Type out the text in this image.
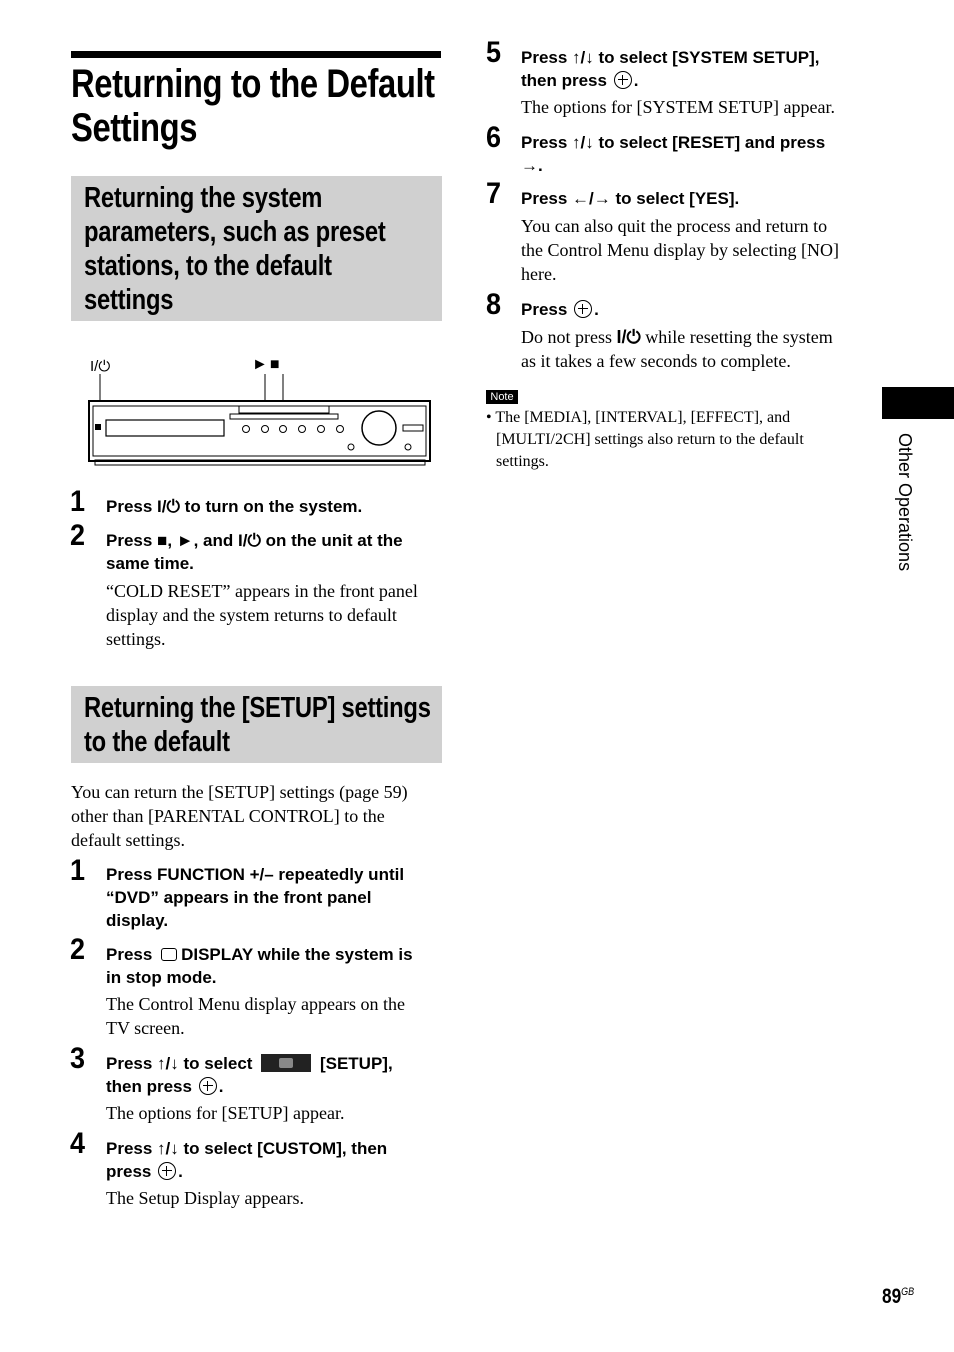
Returning to the Default
Settings
Returning the system
parameters, such as preset
stations, to the default
settings
I/⏻	►■
1 Press I/⏻ to turn on the system.
2 Press ■, ►, and I/⏻ on the unit at the
same time.
“COLD RESET” appears in the front panel
display and the system returns to default
settings.
Returning the [SETUP] settings
to the default
You can return the [SETUP] settings (page 59)
other than [PARENTAL CONTROL] to the
default settings.
1 Press FUNCTION +/– repeatedly until
“DVD” appears in the front panel
display.
2 Press DISPLAY while the system is
in stop mode.
The Control Menu display appears on the
TV screen.
3 Press ↑/↓ to select	[SETUP],
then press .
The options for [SETUP] appear.
4 Press ↑/↓ to select [CUSTOM], then
press .
The Setup Display appears.
5 Press ↑/↓ to select [SYSTEM SETUP],
then press .
The options for [SYSTEM SETUP] appear.
6 Press ↑/↓ to select [RESET] and press
→.
7 Press ←/→ to select [YES].
You can also quit the process and return to
the Control Menu display by selecting [NO]
here.
8 Press .
Do not press I/⏻ while resetting the system
as it takes a few seconds to complete.
Note
• The [MEDIA], [INTERVAL], [EFFECT], and
[MULTI/2CH] settings also return to the default
settings.	Other Operations
$89^{GB}$
